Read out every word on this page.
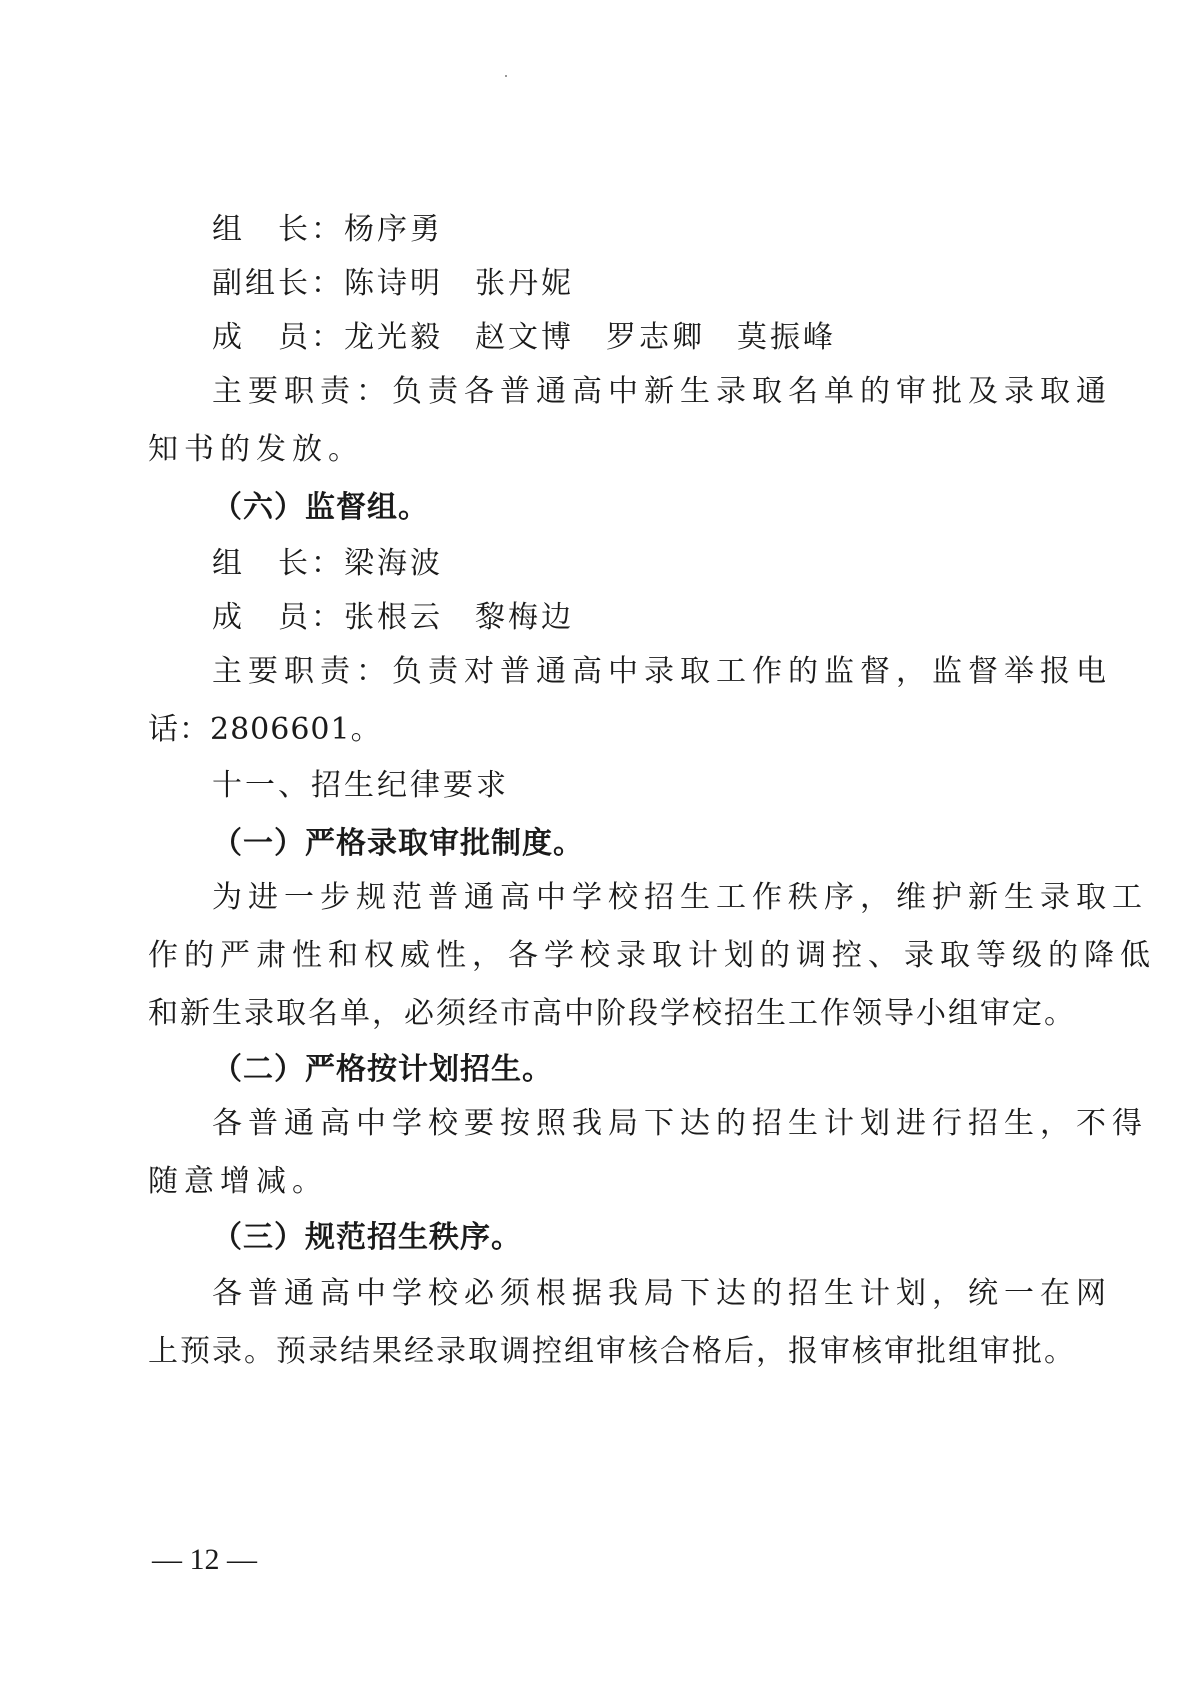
组　长：杨序勇
副组长：陈诗明 张丹妮
成　员：龙光毅 赵文博 罗志卿 莫振峰
主要职责：负责各普通高中新生录取名单的审批及录取通
知书的发放。
（六）监督组。
组　长：梁海波
成　员：张根云 黎梅边
主要职责：负责对普通高中录取工作的监督，监督举报电
话：2806601。
十一、招生纪律要求
（一）严格录取审批制度。
为进一步规范普通高中学校招生工作秩序，维护新生录取工
作的严肃性和权威性，各学校录取计划的调控、录取等级的降低
和新生录取名单，必须经市高中阶段学校招生工作领导小组审定。
（二）严格按计划招生。
各普通高中学校要按照我局下达的招生计划进行招生，不得
随意增减。
（三）规范招生秩序。
各普通高中学校必须根据我局下达的招生计划，统一在网
上预录。预录结果经录取调控组审核合格后，报审核审批组审批。
— 12 —
